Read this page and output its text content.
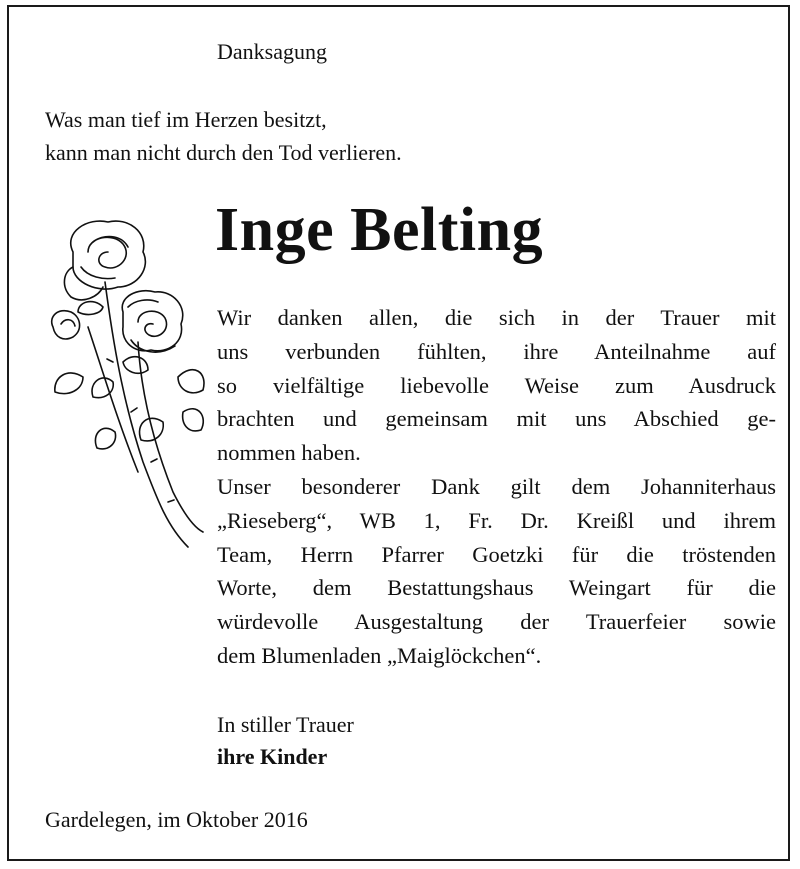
Danksagung
Was man tief im Herzen besitzt,
kann man nicht durch den Tod verlieren.
Inge Belting
Wir danken allen, die sich in der Trauer mit
uns verbunden fühlten, ihre Anteilnahme auf
so vielfältige liebevolle Weise zum Ausdruck
brachten und gemeinsam mit uns Abschied ge-
nommen haben.
Unser besonderer Dank gilt dem Johanniterhaus
„Rieseberg“, WB 1, Fr. Dr. Kreißl und ihrem
Team, Herrn Pfarrer Goetzki für die tröstenden
Worte, dem Bestattungshaus Weingart für die
würdevolle Ausgestaltung der Trauerfeier sowie
dem Blumenladen „Maiglöckchen“.
In stiller Trauer
ihre Kinder
Gardelegen, im Oktober 2016
